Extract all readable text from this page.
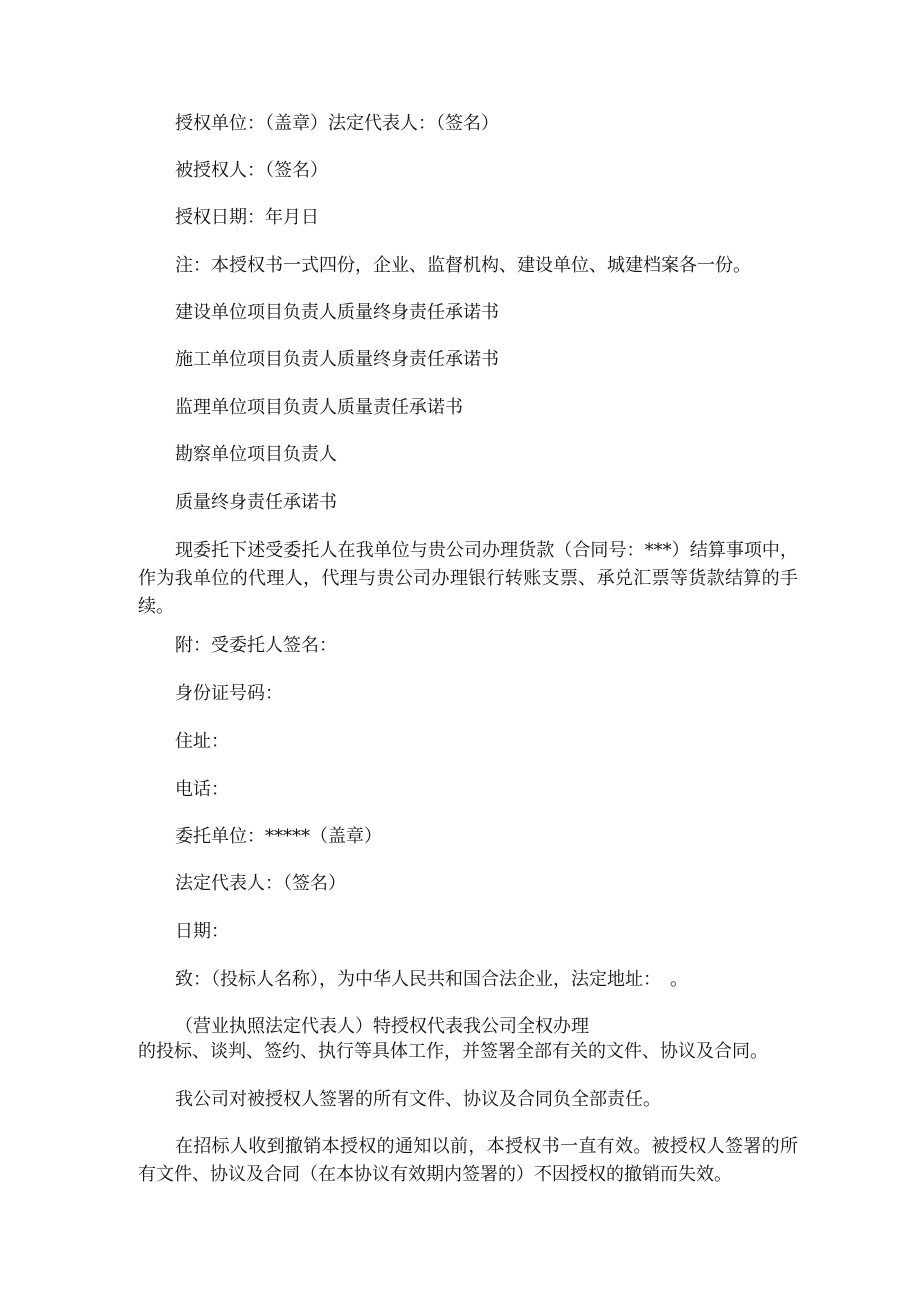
授权单位：（盖章）法定代表人：（签名）

被授权人：（签名）

授权日期：年月日

注：本授权书一式四份，企业、监督机构、建设单位、城建档案各一份。

建设单位项目负责人质量终身责任承诺书

施工单位项目负责人质量终身责任承诺书

监理单位项目负责人质量责任承诺书

勘察单位项目负责人

质量终身责任承诺书

现委托下述受委托人在我单位与贵公司办理货款（合同号：***）结算事项中，作为我单位的代理人，代理与贵公司办理银行转账支票、承兑汇票等货款结算的手续。

附：受委托人签名：

身份证号码：

住址：

电话：

委托单位：*****（盖章）

法定代表人：（签名）

日期：

致：（投标人名称），为中华人民共和国合法企业，法定地址：　。

（营业执照法定代表人）特授权代表我公司全权办理

的投标、谈判、签约、执行等具体工作，并签署全部有关的文件、协议及合同。

我公司对被授权人签署的所有文件、协议及合同负全部责任。

在招标人收到撤销本授权的通知以前，本授权书一直有效。被授权人签署的所有文件、协议及合同（在本协议有效期内签署的）不因授权的撤销而失效。
